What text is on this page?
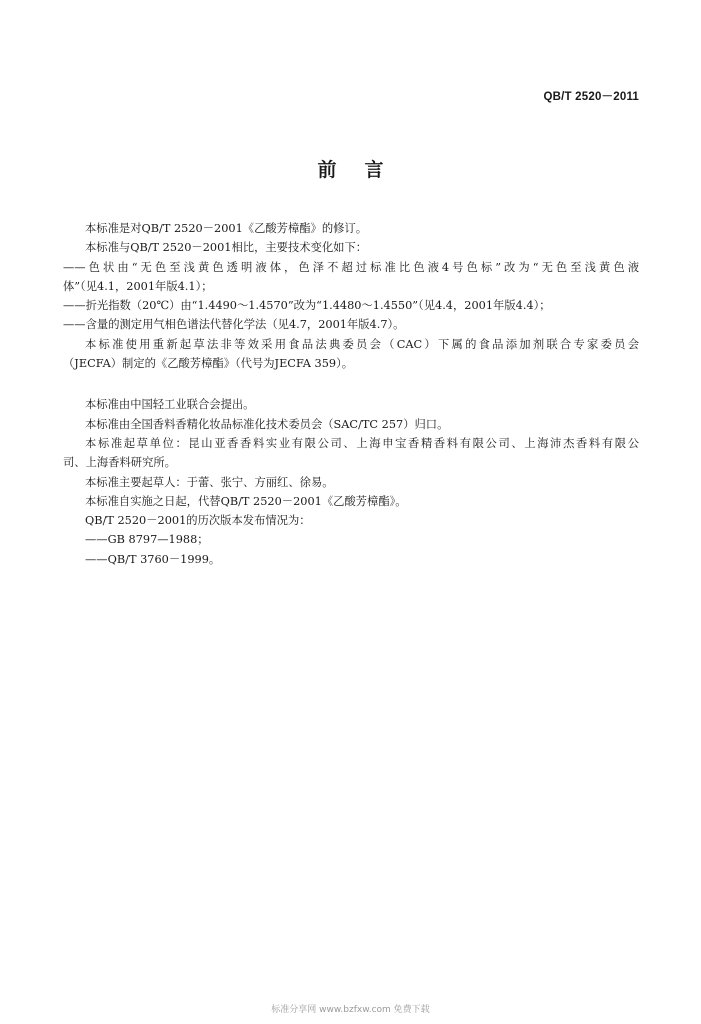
QB/T 2520－2011
前言
本标准是对QB/T 2520－2001《乙酸芳樟酯》的修订。
本标准与QB/T 2520－2001相比，主要技术变化如下：
——色状由“无色至浅黄色透明液体，色泽不超过标准比色液4号色标”改为“无色至浅黄色液
体”（见4.1，2001年版4.1）；
——折光指数（20℃）由“1.4490～1.4570”改为“1.4480～1.4550”（见4.4，2001年版4.4）；
——含量的测定用气相色谱法代替化学法（见4.7，2001年版4.7）。
本标准使用重新起草法非等效采用食品法典委员会（CAC）下属的食品添加剂联合专家委员会
（JECFA）制定的《乙酸芳樟酯》（代号为JECFA 359）。
本标准由中国轻工业联合会提出。
本标准由全国香料香精化妆品标准化技术委员会（SAC/TC 257）归口。
本标准起草单位：昆山亚香香料实业有限公司、上海申宝香精香料有限公司、上海沛杰香料有限公
司、上海香料研究所。
本标准主要起草人：于蕾、张宁、方丽红、徐易。
本标准自实施之日起，代替QB/T 2520－2001《乙酸芳樟酯》。
QB/T 2520－2001的历次版本发布情况为：
——GB 8797—1988；
——QB/T 3760－1999。
标准分享网 www.bzfxw.com 免费下载
